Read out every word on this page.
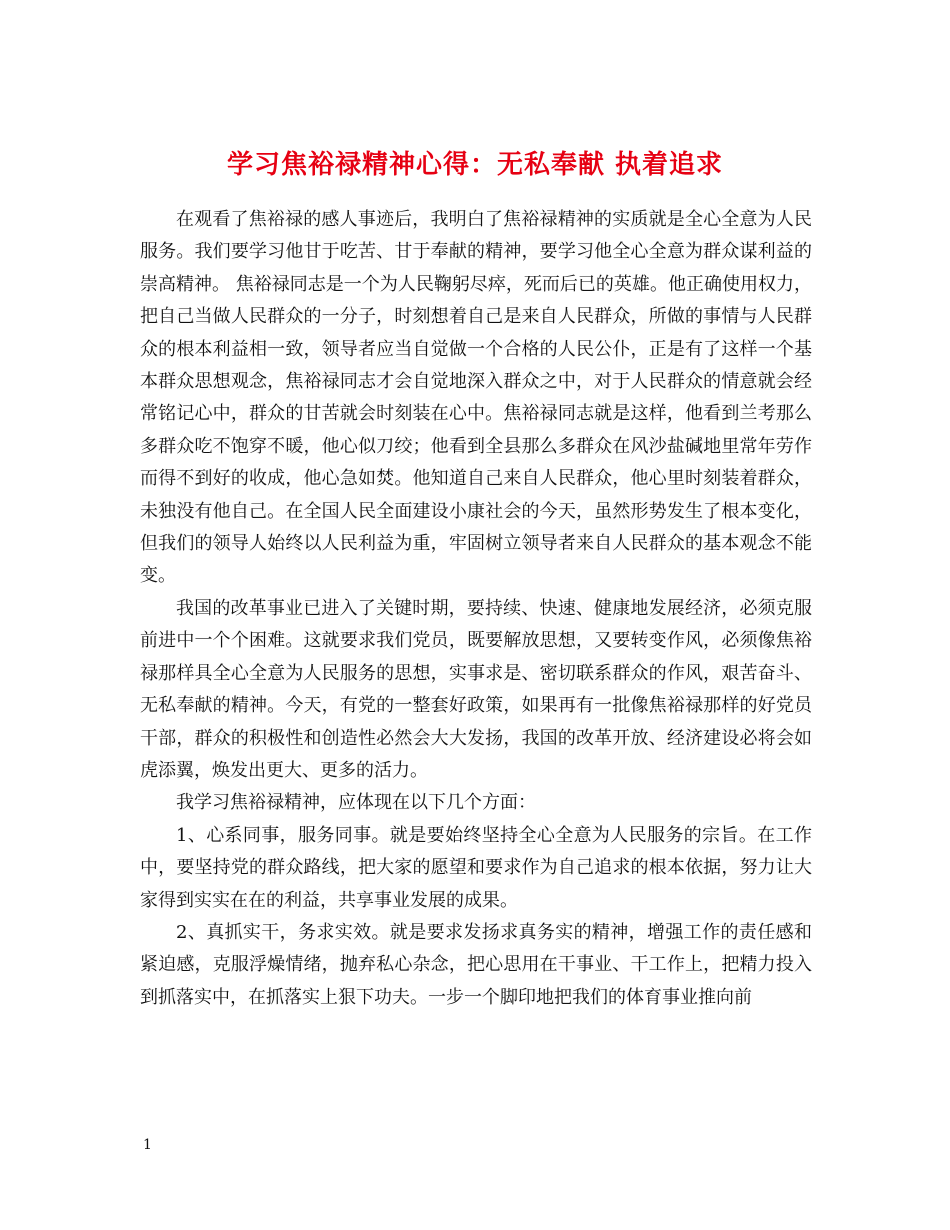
学习焦裕禄精神心得：无私奉献 执着追求

在观看了焦裕禄的感人事迹后，我明白了焦裕禄精神的实质就是全心全意为人民服务。我们要学习他甘于吃苦、甘于奉献的精神，要学习他全心全意为群众谋利益的崇高精神。 焦裕禄同志是一个为人民鞠躬尽瘁，死而后已的英雄。他正确使用权力，把自己当做人民群众的一分子，时刻想着自己是来自人民群众，所做的事情与人民群众的根本利益相一致，领导者应当自觉做一个合格的人民公仆，正是有了这样一个基本群众思想观念，焦裕禄同志才会自觉地深入群众之中，对于人民群众的情意就会经常铭记心中，群众的甘苦就会时刻装在心中。焦裕禄同志就是这样，他看到兰考那么多群众吃不饱穿不暖，他心似刀绞；他看到全县那么多群众在风沙盐碱地里常年劳作而得不到好的收成，他心急如焚。他知道自己来自人民群众，他心里时刻装着群众，未独没有他自己。在全国人民全面建设小康社会的今天，虽然形势发生了根本变化，但我们的领导人始终以人民利益为重，牢固树立领导者来自人民群众的基本观念不能变。

我国的改革事业已进入了关键时期，要持续、快速、健康地发展经济，必须克服前进中一个个困难。这就要求我们党员，既要解放思想，又要转变作风，必须像焦裕禄那样具全心全意为人民服务的思想，实事求是、密切联系群众的作风，艰苦奋斗、无私奉献的精神。今天，有党的一整套好政策，如果再有一批像焦裕禄那样的好党员干部，群众的积极性和创造性必然会大大发扬，我国的改革开放、经济建设必将会如虎添翼，焕发出更大、更多的活力。

我学习焦裕禄精神，应体现在以下几个方面：

1、心系同事，服务同事。就是要始终坚持全心全意为人民服务的宗旨。在工作中，要坚持党的群众路线，把大家的愿望和要求作为自己追求的根本依据，努力让大家得到实实在在的利益，共享事业发展的成果。

2、真抓实干，务求实效。就是要求发扬求真务实的精神，增强工作的责任感和紧迫感，克服浮燥情绪，抛弃私心杂念，把心思用在干事业、干工作上，把精力投入到抓落实中，在抓落实上狠下功夫。一步一个脚印地把我们的体育事业推向前

1
